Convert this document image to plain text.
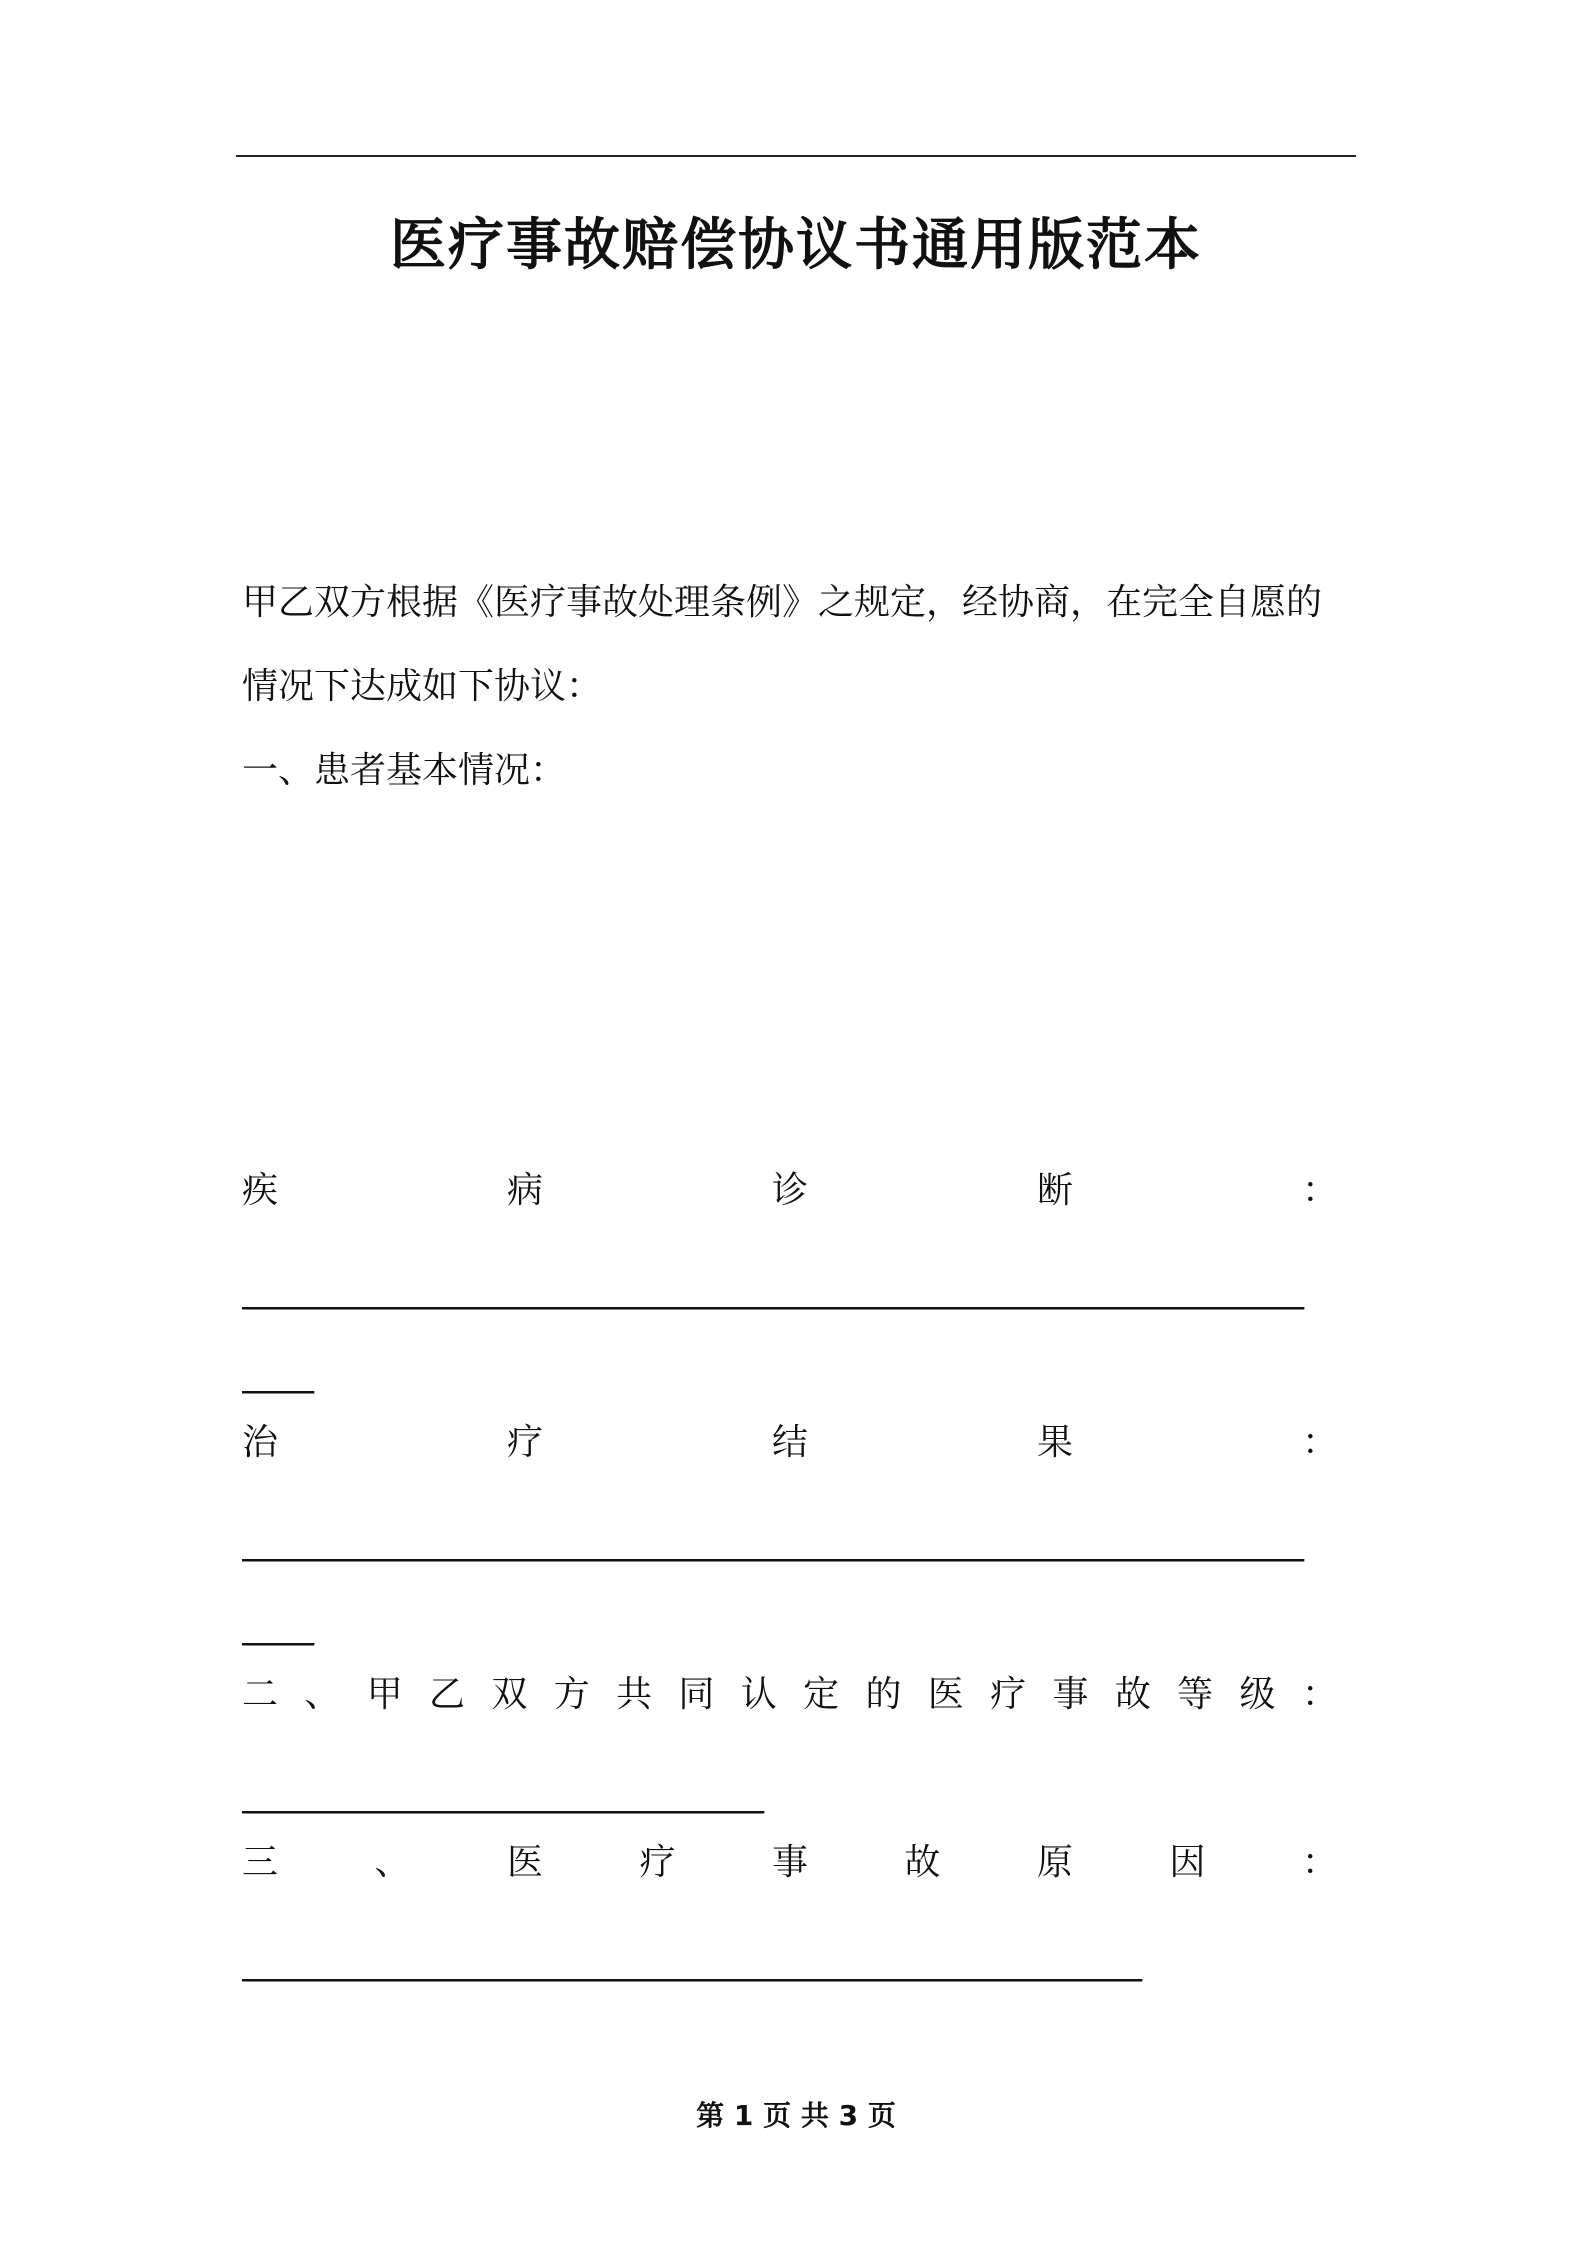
医疗事故赔偿协议书通用版范本
甲乙双方根据《医疗事故处理条例》之规定，经协商，在完全自愿的
情况下达成如下协议：
一、患者基本情况：
疾	病	诊	断	：
___________________________________________________________
____
治	疗	结	果	：
___________________________________________________________
____
二 、 甲 乙 双 方 共 同 认 定 的 医 疗 事 故 等 级 ：
_____________________________
三	、	医	疗	事	故	原	因	：
__________________________________________________
第 1 页 共 3 页
